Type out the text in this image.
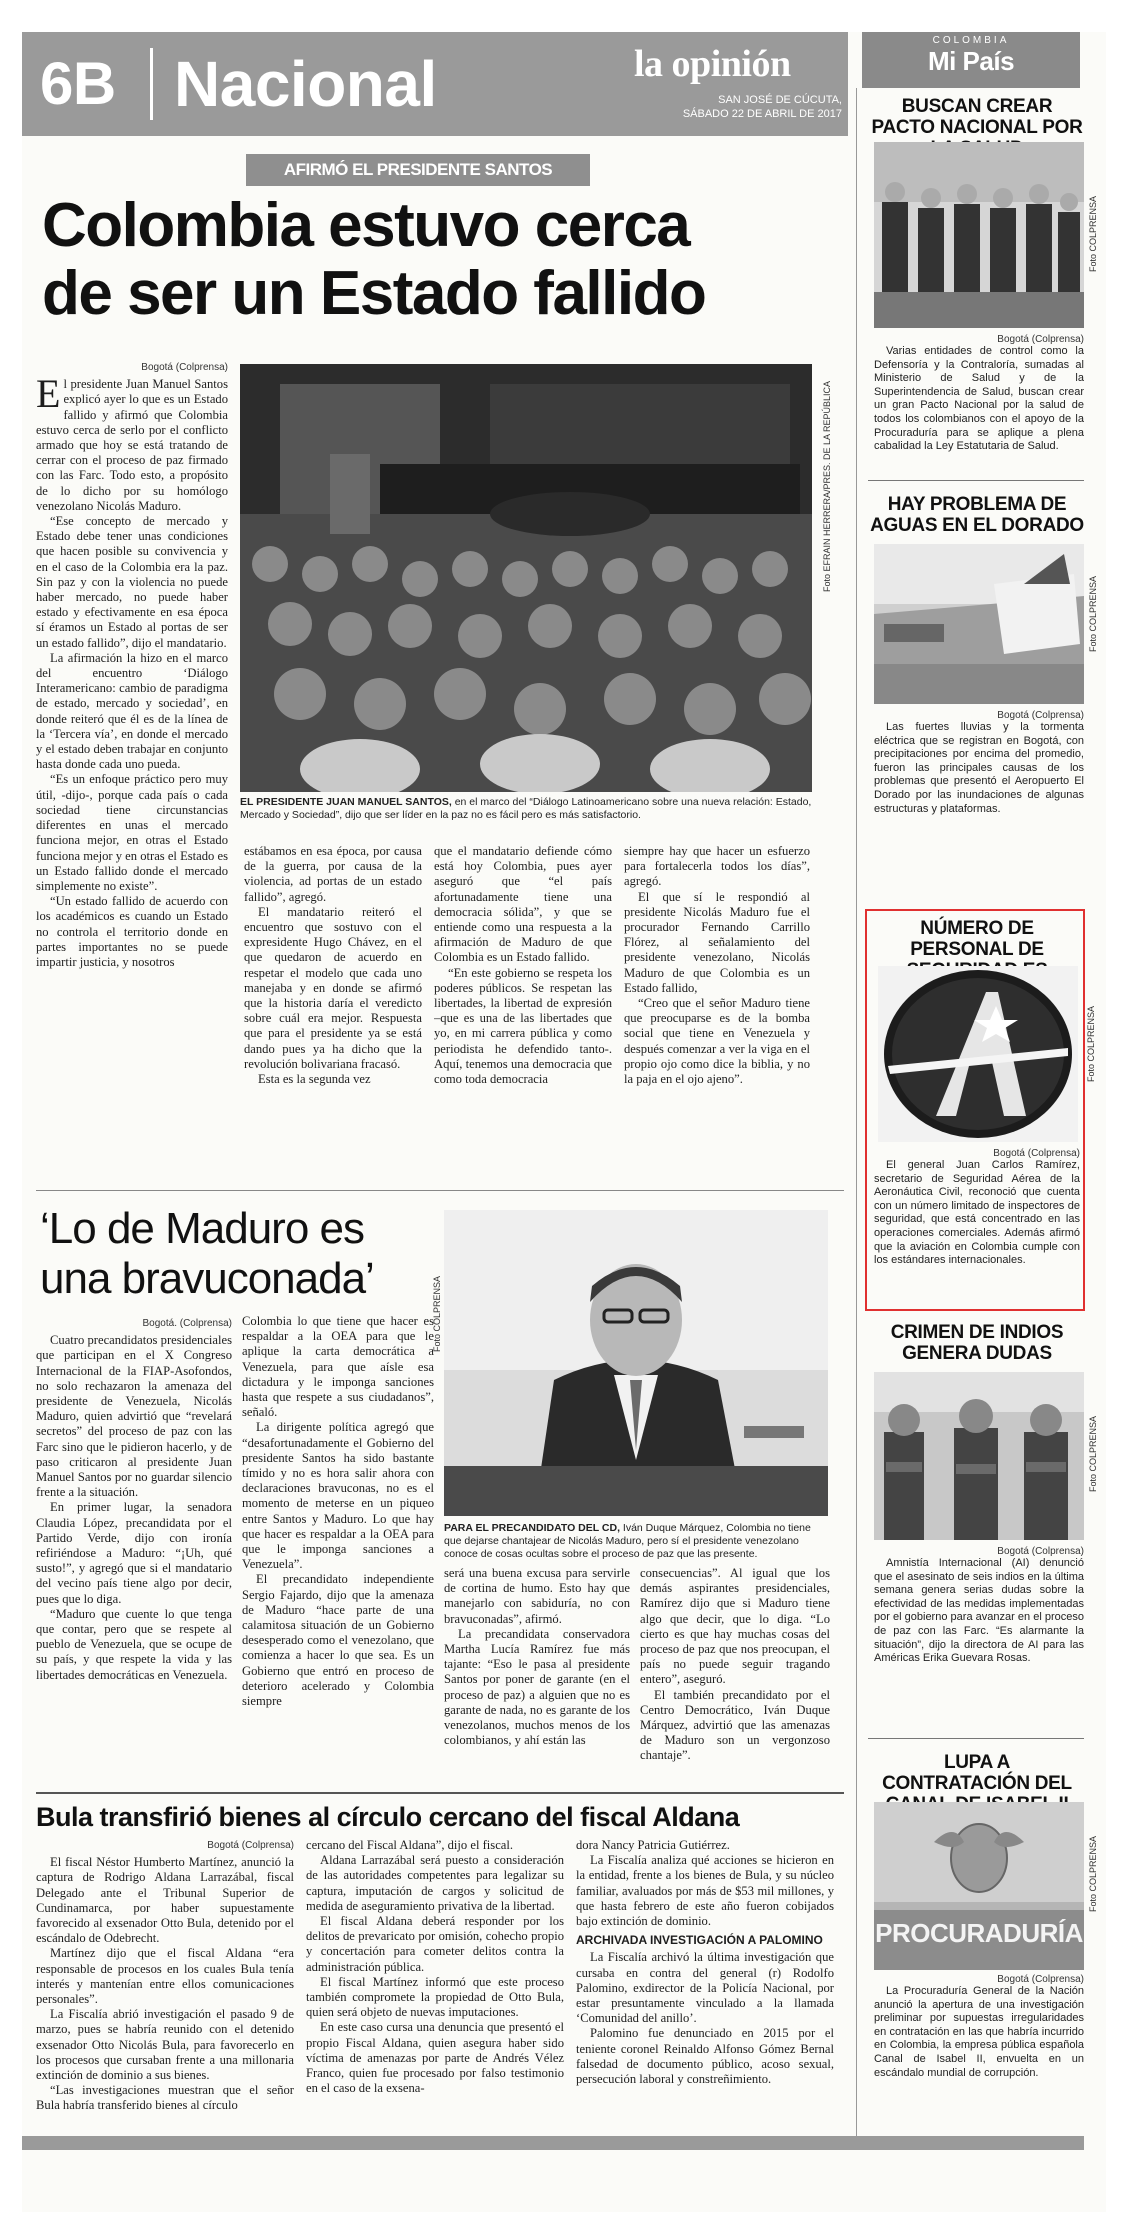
6B Nacional	la opinión
SAN JOSÉ DE CÚCUTA,
SÁBADO 22 DE ABRIL DE 2017
COLOMBIA
Mi País
AFIRMÓ EL PRESIDENTE SANTOS
Colombia estuvo cerca
de ser un Estado fallido
Bogotá (Colprensa)

El presidente Juan Manuel Santos explicó ayer lo que es un Estado fallido y afirmó que Colombia estuvo cerca de serlo por el conflicto armado que hoy se está tratando de cerrar con el proceso de paz firmado con las Farc. Todo esto, a propósito de lo dicho por su homólogo venezolano Nicolás Maduro.

“Ese concepto de mercado y Estado debe tener unas condiciones que hacen posible su convivencia y en el caso de la Colombia era la paz. Sin paz y con la violencia no puede haber mercado, no puede haber estado y efectivamente en esa época sí éramos un Estado al portas de ser un estado fallido”, dijo el mandatario.

La afirmación la hizo en el marco del encuentro ‘Diálogo Interamericano: cambio de paradigma de estado, mercado y sociedad’, en donde reiteró que él es de la línea de la ‘Tercera vía’, en donde el mercado y el estado deben trabajar en conjunto hasta donde cada uno pueda.

“Es un enfoque práctico pero muy útil, -dijo-, porque cada país o cada sociedad tiene circunstancias diferentes en unas el mercado funciona mejor, en otras el Estado funciona mejor y en otras el Estado es un Estado fallido donde el mercado simplemente no existe”.

“Un estado fallido de acuerdo con los académicos es cuando un Estado no controla el territorio donde en partes importantes no se puede impartir justicia, y nosotros

Foto EFRAIN HERRERA/PRES. DE LA REPÚBLICA
EL PRESIDENTE JUAN MANUEL SANTOS, en el marco del “Diálogo Latinoamericano sobre una nueva relación: Estado, Mercado y Sociedad”, dijo que ser líder en la paz no es fácil pero es más satisfactorio.

estábamos en esa época, por causa de la guerra, por causa de la violencia, ad portas de un estado fallido”, agregó.

El mandatario reiteró el encuentro que sostuvo con el expresidente Hugo Chávez, en el que quedaron de acuerdo en respetar el modelo que cada uno manejaba y en donde se afirmó que la historia daría el veredicto sobre cuál era mejor. Respuesta que para el presidente ya se está dando pues ya ha dicho que la revolución bolivariana fracasó.

Esta es la segunda vez

que el mandatario defiende cómo está hoy Colombia, pues ayer aseguró que “el país afortunadamente tiene una democracia sólida”, y que se entiende como una respuesta a la afirmación de Maduro de que Colombia es un Estado fallido.

“En este gobierno se respeta los poderes públicos. Se respetan las libertades, la libertad de expresión –que es una de las libertades que yo, en mi carrera pública y como periodista he defendido tanto-. Aquí, tenemos una democracia que como toda democracia

siempre hay que hacer un esfuerzo para fortalecerla todos los días”, agregó.

El que sí le respondió al presidente Nicolás Maduro fue el procurador Fernando Carrillo Flórez, al señalamiento del presidente venezolano, Nicolás Maduro de que Colombia es un Estado fallido,

“Creo que el señor Maduro tiene que preocuparse es de la bomba social que tiene en Venezuela y después comenzar a ver la viga en el propio ojo como dice la biblia, y no la paja en el ojo ajeno”.

‘Lo de Maduro es
una bravuconada’	Foto COLPRENSA
PARA EL PRECANDIDATO DEL CD, Iván Duque Márquez, Colombia no tiene que dejarse chantajear de Nicolás Maduro, pero sí el presidente venezolano conoce de cosas ocultas sobre el proceso de paz que las presente.
Bogotá. (Colprensa)

Cuatro precandidatos presidenciales que participan en el X Congreso Internacional de la FIAP-Asofondos, no solo rechazaron la amenaza del presidente de Venezuela, Nicolás Maduro, quien advirtió que “revelará secretos” del proceso de paz con las Farc sino que le pidieron hacerlo, y de paso criticaron al presidente Juan Manuel Santos por no guardar silencio frente a la situación.

En primer lugar, la senadora Claudia López, precandidata por el Partido Verde, dijo con ironía refiriéndose a Maduro: “¡Uh, qué susto!”, y agregó que si el mandatario del vecino país tiene algo por decir, pues que lo diga.

“Maduro que cuente lo que tenga que contar, pero que se respete al pueblo de Venezuela, que se ocupe de su país, y que respete la vida y las libertades democráticas en Venezuela.

Colombia lo que tiene que hacer es respaldar a la OEA para que le aplique la carta democrática a Venezuela, para que aísle esa dictadura y le imponga sanciones hasta que respete a sus ciudadanos”, señaló.

La dirigente política agregó que “desafortunadamente el Gobierno del presidente Santos ha sido bastante tímido y no es hora salir ahora con declaraciones bravuconas, no es el momento de meterse en un piqueo entre Santos y Maduro. Lo que hay que hacer es respaldar a la OEA para que le imponga sanciones a Venezuela”.

El precandidato independiente Sergio Fajardo, dijo que la amenaza de Maduro “hace parte de una calamitosa situación de un Gobierno desesperado como el venezolano, que comienza a hacer lo que sea. Es un Gobierno que entró en proceso de deterioro acelerado y Colombia siempre

será una buena excusa para servirle de cortina de humo. Esto hay que manejarlo con sabiduría, no con bravuconadas”, afirmó.

La precandidata conservadora Martha Lucía Ramírez fue más tajante: “Eso le pasa al presidente Santos por poner de garante (en el proceso de paz) a alguien que no es garante de nada, no es garante de los venezolanos, muchos menos de los colombianos, y ahí están las

consecuencias”. Al igual que los demás aspirantes presidenciales, Ramírez dijo que si Maduro tiene algo que decir, que lo diga. “Lo cierto es que hay muchas cosas del proceso de paz que nos preocupan, el país no puede seguir tragando entero”, aseguró.

El también precandidato por el Centro Democrático, Iván Duque Márquez, advirtió que las amenazas de Maduro son un vergonzoso chantaje”.

Bula transfirió bienes al círculo cercano del fiscal Aldana
Bogotá (Colprensa)

El fiscal Néstor Humberto Martínez, anunció la captura de Rodrigo Aldana Larrazábal, fiscal Delegado ante el Tribunal Superior de Cundinamarca, por haber supuestamente favorecido al exsenador Otto Bula, detenido por el escándalo de Odebrecht.

Martínez dijo que el fiscal Aldana “era responsable de procesos en los cuales Bula tenía interés y mantenían entre ellos comunicaciones personales”.

La Fiscalía abrió investigación el pasado 9 de marzo, pues se habría reunido con el detenido exsenador Otto Nicolás Bula, para favorecerlo en los procesos que cursaban frente a una millonaria extinción de dominio a sus bienes.

“Las investigaciones muestran que el señor Bula habría transferido bienes al círculo

cercano del Fiscal Aldana”, dijo el fiscal.

Aldana Larrazábal será puesto a consideración de las autoridades competentes para legalizar su captura, imputación de cargos y solicitud de medida de aseguramiento privativa de la libertad.

El fiscal Aldana deberá responder por los delitos de prevaricato por omisión, cohecho propio y concertación para cometer delitos contra la administración pública.

El fiscal Martínez informó que este proceso también compromete la propiedad de Otto Bula, quien será objeto de nuevas imputaciones.

En este caso cursa una denuncia que presentó el propio Fiscal Aldana, quien asegura haber sido víctima de amenazas por parte de Andrés Vélez Franco, quien fue procesado por falso testimonio en el caso de la exsena-

dora Nancy Patricia Gutiérrez.

La Fiscalía analiza qué acciones se hicieron en la entidad, frente a los bienes de Bula, y su núcleo familiar, avaluados por más de $53 mil millones, y que hasta febrero de este año fueron cobijados bajo extinción de dominio.

ARCHIVADA INVESTIGACIÓN A PALOMINO

La Fiscalía archivó la última investigación que cursaba en contra del general (r) Rodolfo Palomino, exdirector de la Policía Nacional, por estar presuntamente vinculado a la llamada ‘Comunidad del anillo’.

Palomino fue denunciado en 2015 por el teniente coronel Reinaldo Alfonso Gómez Bernal falsedad de documento público, acoso sexual, persecución laboral y constreñimiento.

BUSCAN CREAR PACTO NACIONAL POR
Foto COLPRENSA
Bogotá (Colprensa)

Varias entidades de control como la Defensoría y la Contraloría, sumadas al Ministerio de Salud y de la Superintendencia de Salud, buscan crear un gran Pacto Nacional por la salud de todos los colombianos con el apoyo de la Procuraduría para se aplique a plena cabalidad la Ley Estatutaria de Salud.

HAY PROBLEMA DE AGUAS EN EL DORADO
Foto COLPRENSA
Bogotá (Colprensa)

Las fuertes lluvias y la tormenta eléctrica que se registran en Bogotá, con precipitaciones por encima del promedio, fueron las principales causas de los problemas que presentó el Aeropuerto El Dorado por las inundaciones de algunas estructuras y plataformas.

NÚMERO DE PERSONAL DE
Foto COLPRENSA
Bogotá (Colprensa)

El general Juan Carlos Ramírez, secretario de Seguridad Aérea de la Aeronáutica Civil, reconoció que cuenta con un número limitado de inspectores de seguridad, que está concentrado en las operaciones comerciales. Además afirmó que la aviación en Colombia cumple con los estándares internacionales.

CRIMEN DE INDIOS GENERA DUDAS
Foto COLPRENSA
Bogotá (Colprensa)

Amnistía Internacional (AI) denunció que el asesinato de seis indios en la última semana genera serias dudas sobre la efectividad de las medidas implementadas por el gobierno para avanzar en el proceso de paz con las Farc. “Es alarmante la situación”, dijo la directora de AI para las Américas Erika Guevara Rosas.

LUPA A CONTRATACIÓN DEL
PROCURADURÍA
Foto COLPRENSA
Bogotá (Colprensa)

La Procuraduría General de la Nación anunció la apertura de una investigación preliminar por supuestas irregularidades en contratación en las que habría incurrido en Colombia, la empresa pública española Canal de Isabel II, envuelta en un escándalo mundial de corrupción.
